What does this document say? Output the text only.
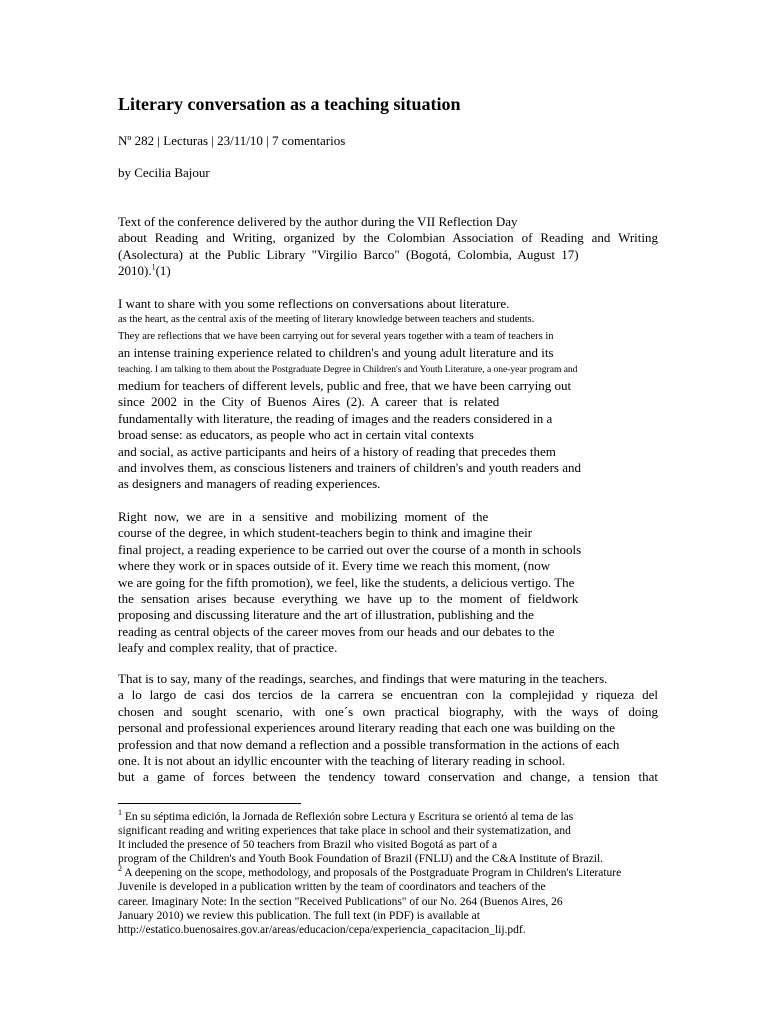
Literary conversation as a teaching situation
Nº 282 | Lecturas | 23/11/10 | 7 comentarios
by Cecilia Bajour
Text of the conference delivered by the author during the VII Reflection Day
about Reading and Writing, organized by the Colombian Association of Reading and Writing
(Asolectura) at the Public Library "Virgilio Barco" (Bogotá, Colombia, August 17)
2010).$^1$(1)
I want to share with you some reflections on conversations about literature.
as the heart, as the central axis of the meeting of literary knowledge between teachers and students.
They are reflections that we have been carrying out for several years together with a team of teachers in
an intense training experience related to children's and young adult literature and its
teaching. I am talking to them about the Postgraduate Degree in Children's and Youth Literature, a one-year program and
medium for teachers of different levels, public and free, that we have been carrying out
since 2002 in the City of Buenos Aires (2). A career that is related
fundamentally with literature, the reading of images and the readers considered in a
broad sense: as educators, as people who act in certain vital contexts
and social, as active participants and heirs of a history of reading that precedes them
and involves them, as conscious listeners and trainers of children's and youth readers and
as designers and managers of reading experiences.
Right now, we are in a sensitive and mobilizing moment of the
course of the degree, in which student-teachers begin to think and imagine their
final project, a reading experience to be carried out over the course of a month in schools
where they work or in spaces outside of it. Every time we reach this moment, (now
we are going for the fifth promotion), we feel, like the students, a delicious vertigo. The
the sensation arises because everything we have up to the moment of fieldwork
proposing and discussing literature and the art of illustration, publishing and the
reading as central objects of the career moves from our heads and our debates to the
leafy and complex reality, that of practice.
That is to say, many of the readings, searches, and findings that were maturing in the teachers.
a lo largo de casi dos tercios de la carrera se encuentran con la complejidad y riqueza del
chosen and sought scenario, with one´s own practical biography, with the ways of doing
personal and professional experiences around literary reading that each one was building on the
profession and that now demand a reflection and a possible transformation in the actions of each
one. It is not about an idyllic encounter with the teaching of literary reading in school.
but a game of forces between the tendency toward conservation and change, a tension that
$^1$ En su séptima edición, la Jornada de Reflexión sobre Lectura y Escritura se orientó al tema de las
significant reading and writing experiences that take place in school and their systematization, and
It included the presence of 50 teachers from Brazil who visited Bogotá as part of a
program of the Children's and Youth Book Foundation of Brazil (FNLIJ) and the C&A Institute of Brazil.
$^2$ A deepening on the scope, methodology, and proposals of the Postgraduate Program in Children's Literature
Juvenile is developed in a publication written by the team of coordinators and teachers of the
career. Imaginary Note: In the section "Received Publications" of our No. 264 (Buenos Aires, 26
January 2010) we review this publication. The full text (in PDF) is available at
http://estatico.buenosaires.gov.ar/areas/educacion/cepa/experiencia_capacitacion_lij.pdf.
